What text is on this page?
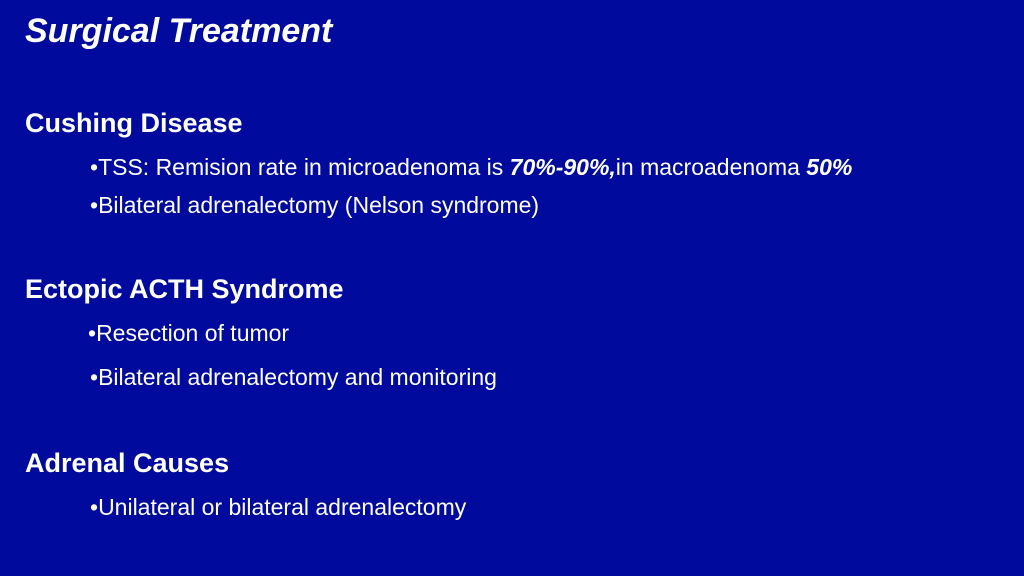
Surgical Treatment
Cushing Disease
•TSS: Remision rate in microadenoma is 70%-90%,in macroadenoma 50%
•Bilateral adrenalectomy (Nelson syndrome)
Ectopic ACTH Syndrome
•Resection of tumor
•Bilateral adrenalectomy and monitoring
Adrenal Causes
•Unilateral or bilateral adrenalectomy
